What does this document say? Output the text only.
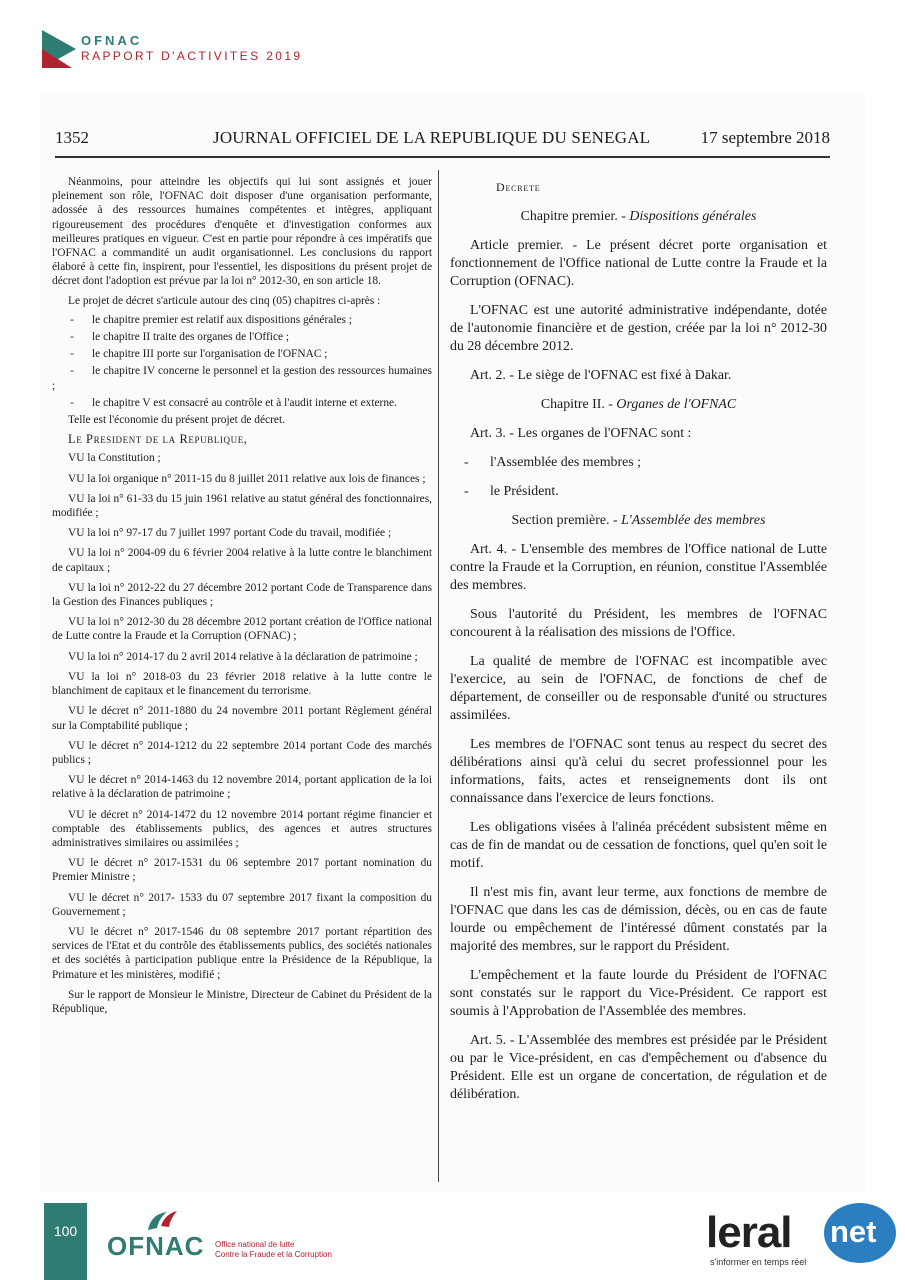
OFNAC
RAPPORT D'ACTIVITES 2019
1352	JOURNAL OFFICIEL DE LA REPUBLIQUE DU SENEGAL	17 septembre 2018

Néanmoins, pour atteindre les objectifs qui lui sont assignés et jouer pleinement son rôle, l'OFNAC doit disposer d'une organisation performante, adossée à des ressources humaines compétentes et intègres, appliquant rigoureusement des procédures d'enquête et d'investigation conformes aux meilleures pratiques en vigueur. C'est en partie pour répondre à ces impératifs que l'OFNAC a commandité un audit organisationnel. Les conclusions du rapport élaboré à cette fin, inspirent, pour l'essentiel, les dispositions du présent projet de décret dont l'adoption est prévue par la loi n° 2012-30, en son article 18.

Le projet de décret s'articule autour des cinq (05) chapitres ci-après :

- le chapitre premier est relatif aux dispositions générales ;

- le chapitre II traite des organes de l'Office ;

- le chapitre III porte sur l'organisation de l'OFNAC ;

- le chapitre IV concerne le personnel et la gestion des ressources humaines ;

- le chapitre V est consacré au contrôle et à l'audit interne et externe.

Telle est l'économie du présent projet de décret.

Le President de la Republique,

VU la Constitution ;

VU la loi organique n° 2011-15 du 8 juillet 2011 relative aux lois de finances ;

VU la loi n° 61-33 du 15 juin 1961 relative au statut général des fonctionnaires, modifiée ;

VU la loi n° 97-17 du 7 juillet 1997 portant Code du travail, modifiée ;

VU la loi n° 2004-09 du 6 février 2004 relative à la lutte contre le blanchiment de capitaux ;

VU la loi n° 2012-22 du 27 décembre 2012 portant Code de Transparence dans la Gestion des Finances publiques ;

VU la loi n° 2012-30 du 28 décembre 2012 portant création de l'Office national de Lutte contre la Fraude et la Corruption (OFNAC) ;

VU la loi n° 2014-17 du 2 avril 2014 relative à la déclaration de patrimoine ;

VU la loi n° 2018-03 du 23 février 2018 relative à la lutte contre le blanchiment de capitaux et le financement du terrorisme.

VU le décret n° 2011-1880 du 24 novembre 2011 portant Règlement général sur la Comptabilité publique ;

VU le décret n° 2014-1212 du 22 septembre 2014 portant Code des marchés publics ;

VU le décret n° 2014-1463 du 12 novembre 2014, portant application de la loi relative à la déclaration de patrimoine ;

VU le décret n° 2014-1472 du 12 novembre 2014 portant régime financier et comptable des établissements publics, des agences et autres structures administratives similaires ou assimilées ;

VU le décret n° 2017-1531 du 06 septembre 2017 portant nomination du Premier Ministre ;

VU le décret n° 2017- 1533 du 07 septembre 2017 fixant la composition du Gouvernement ;

VU le décret n° 2017-1546 du 08 septembre 2017 portant répartition des services de l'Etat et du contrôle des établissements publics, des sociétés nationales et des sociétés à participation publique entre la Présidence de la République, la Primature et les ministères, modifié ;

Sur le rapport de Monsieur le Ministre, Directeur de Cabinet du Président de la République,

Decrete

Chapitre premier. - Dispositions générales

Article premier. - Le présent décret porte organisation et fonctionnement de l'Office national de Lutte contre la Fraude et la Corruption (OFNAC).

L'OFNAC est une autorité administrative indépendante, dotée de l'autonomie financière et de gestion, créée par la loi n° 2012-30 du 28 décembre 2012.

Art. 2. - Le siège de l'OFNAC est fixé à Dakar.

Chapitre II. - Organes de l'OFNAC

Art. 3. - Les organes de l'OFNAC sont :

- l'Assemblée des membres ;

- le Président.

Section première. - L'Assemblée des membres

Art. 4. - L'ensemble des membres de l'Office national de Lutte contre la Fraude et la Corruption, en réunion, constitue l'Assemblée des membres.

Sous l'autorité du Président, les membres de l'OFNAC concourent à la réalisation des missions de l'Office.

La qualité de membre de l'OFNAC est incompatible avec l'exercice, au sein de l'OFNAC, de fonctions de chef de département, de conseiller ou de responsable d'unité ou structures assimilées.

Les membres de l'OFNAC sont tenus au respect du secret des délibérations ainsi qu'à celui du secret professionnel pour les informations, faits, actes et renseignements dont ils ont connaissance dans l'exercice de leurs fonctions.

Les obligations visées à l'alinéa précédent subsistent même en cas de fin de mandat ou de cessation de fonctions, quel qu'en soit le motif.

Il n'est mis fin, avant leur terme, aux fonctions de membre de l'OFNAC que dans les cas de démission, décès, ou en cas de faute lourde ou empêchement de l'intéressé dûment constatés par la majorité des membres, sur le rapport du Président.

L'empêchement et la faute lourde du Président de l'OFNAC sont constatés sur le rapport du Vice-Président. Ce rapport est soumis à l'Approbation de l'Assemblée des membres.

Art. 5. - L'Assemblée des membres est présidée par le Président ou par le Vice-président, en cas d'empêchement ou d'absence du Président. Elle est un organe de concertation, de régulation et de délibération.

100	OFNAC Office national de lutte
Contre la Fraude et la Corruption	leral net
s'informer en temps réel
